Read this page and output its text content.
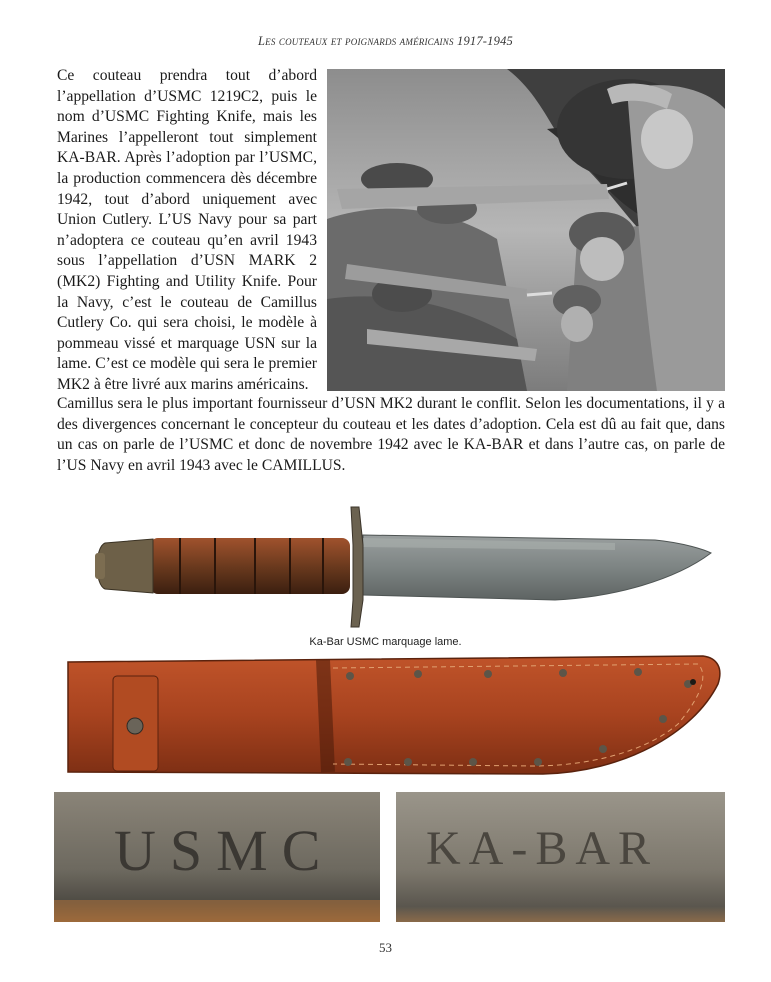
Les couteaux et poignards américains 1917-1945
Ce couteau prendra tout d’abord l’appellation d’USMC 1219C2, puis le nom d’USMC Fighting Knife, mais les Marines l’appelleront tout simplement KA-BAR. Après l’adoption par l’USMC, la production commencera dès décembre 1942, tout d’abord uniquement avec Union Cutlery. L’US Navy pour sa part n’adoptera ce couteau qu’en avril 1943 sous l’appellation d’USN MARK 2 (MK2) Fighting and Utility Knife. Pour la Navy, c’est le couteau de Camillus Cutlery Co. qui sera choisi, le modèle à pommeau vissé et marquage USN sur la lame. C’est ce modèle qui sera le premier MK2 à être livré aux marins américains.
Camillus sera le plus important fournisseur d’USN MK2 durant le conflit. Selon les documentations, il y a des divergences concernant le concepteur du couteau et les dates d’adoption. Cela est dû au fait que, dans un cas on parle de l’USMC et donc de novembre 1942 avec le KA-BAR et dans l’autre cas, on parle de l’US Navy en avril 1943 avec le CAMILLUS.
Ka-Bar USMC marquage lame.
USMC KA-BAR
53
